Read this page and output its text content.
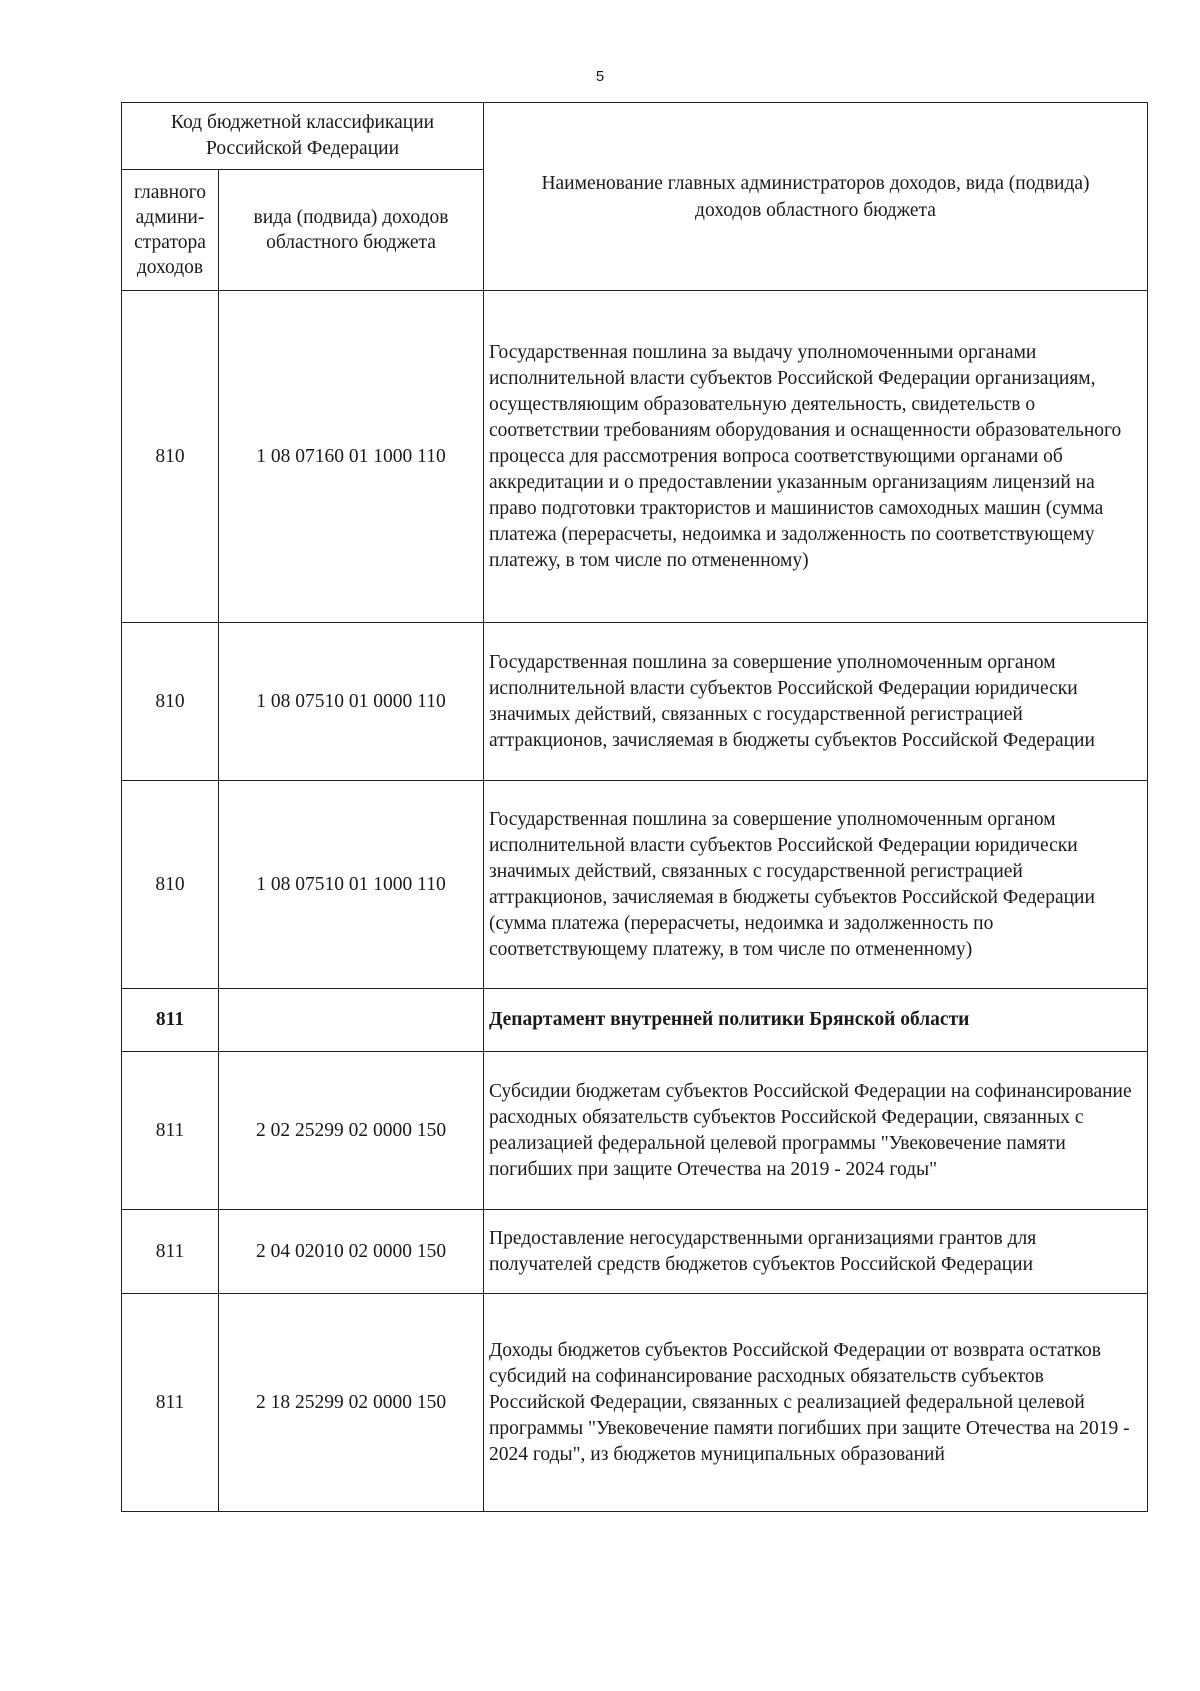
5
Код бюджетной классификации Российской Федерации		Наименование главных администраторов доходов, вида (подвида) доходов областного бюджета
главного админи-стратора доходов	вида (подвида) доходов областного бюджета	
810	1 08 07160 01 1000 110	Государственная пошлина за выдачу уполномоченными органами исполнительной власти субъектов Российской Федерации организациям, осуществляющим образовательную деятельность, свидетельств о соответствии требованиям оборудования и оснащенности образовательного процесса для рассмотрения вопроса соответствующими органами об аккредитации и о предоставлении указанным организациям лицензий на право подготовки трактористов и машинистов самоходных машин (сумма платежа (перерасчеты, недоимка и задолженность по соответствующему платежу, в том числе по отмененному)
810	1 08 07510 01 0000 110	Государственная пошлина за совершение уполномоченным органом исполнительной власти субъектов Российской Федерации юридически значимых действий, связанных с государственной регистрацией аттракционов, зачисляемая в бюджеты субъектов Российской Федерации
810	1 08 07510 01 1000 110	Государственная пошлина за совершение уполномоченным органом исполнительной власти субъектов Российской Федерации юридически значимых действий, связанных с государственной регистрацией аттракционов, зачисляемая в бюджеты субъектов Российской Федерации (сумма платежа (перерасчеты, недоимка и задолженность по соответствующему платежу, в том числе по отмененному)
811		Департамент внутренней политики Брянской области
811	2 02 25299 02 0000 150	Субсидии бюджетам субъектов Российской Федерации на софинансирование расходных обязательств субъектов Российской Федерации, связанных с реализацией федеральной целевой программы "Увековечение памяти погибших при защите Отечества на 2019 - 2024 годы"
811	2 04 02010 02 0000 150	Предоставление негосударственными организациями грантов для получателей средств бюджетов субъектов Российской Федерации
811	2 18 25299 02 0000 150	Доходы бюджетов субъектов Российской Федерации от возврата остатков субсидий на софинансирование расходных обязательств субъектов Российской Федерации, связанных с реализацией федеральной целевой программы "Увековечение памяти погибших при защите Отечества на 2019 - 2024 годы", из бюджетов муниципальных образований
